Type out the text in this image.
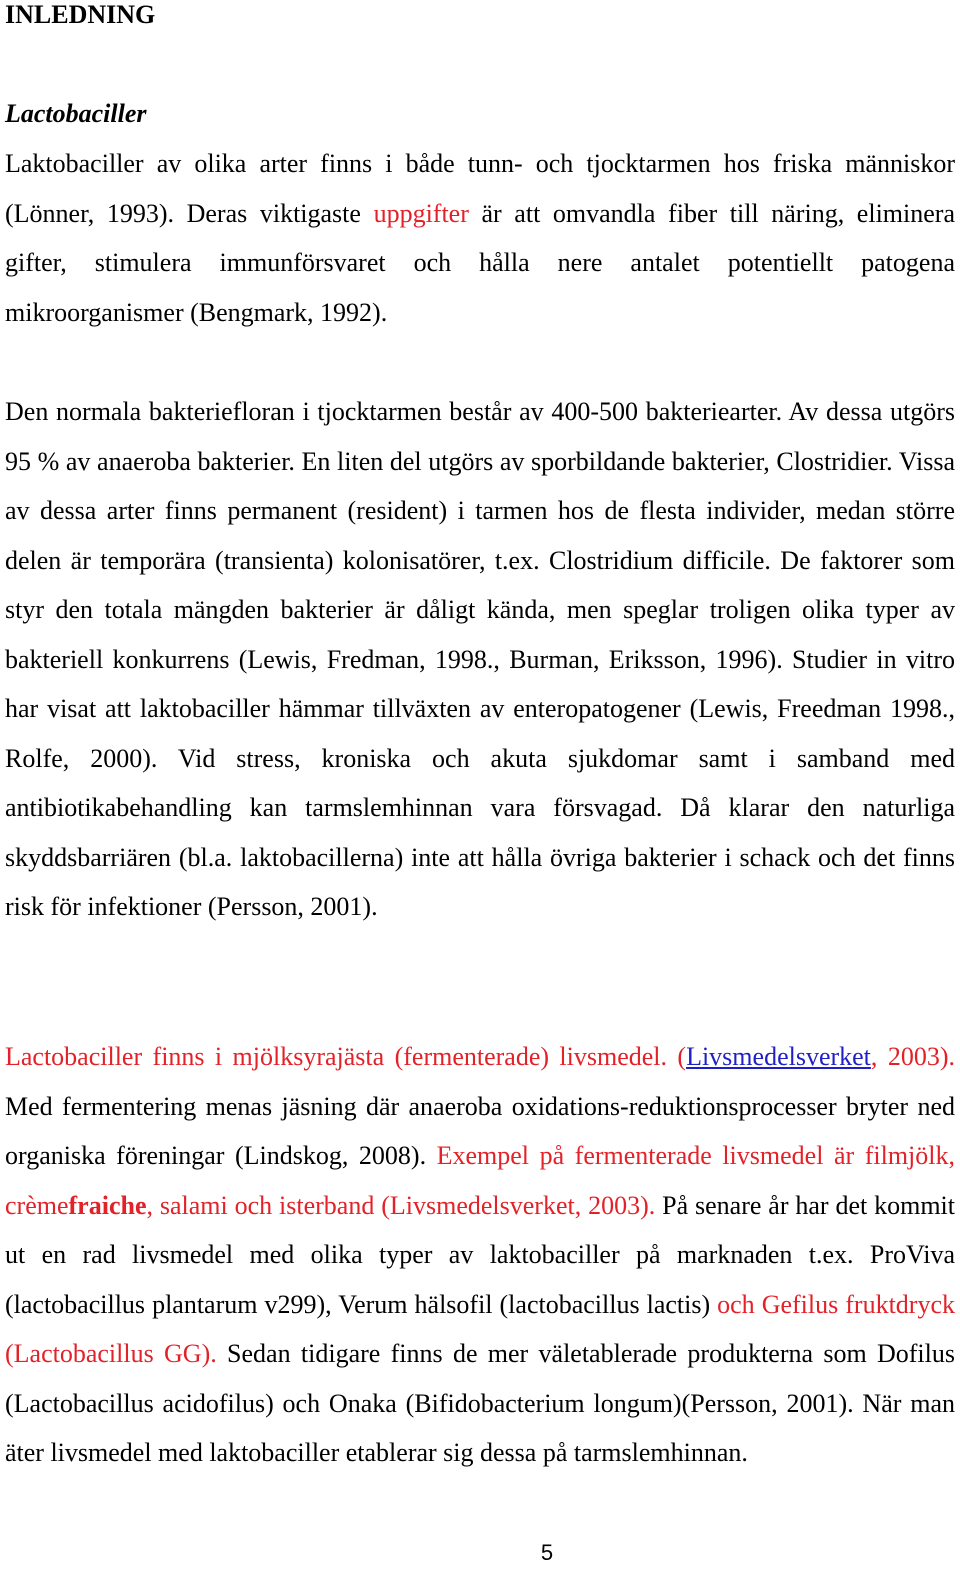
INLEDNING
Lactobaciller

Laktobaciller av olika arter finns i både tunn- och tjocktarmen hos friska människor (Lönner, 1993). Deras viktigaste uppgifter är att omvandla fiber till näring, eliminera gifter, stimulera immunförsvaret och hålla nere antalet potentiellt patogena mikroorganismer (Bengmark, 1992).

Den normala bakteriefloran i tjocktarmen består av 400-500 bakteriearter. Av dessa utgörs 95 % av anaeroba bakterier. En liten del utgörs av sporbildande bakterier, Clostridier. Vissa av dessa arter finns permanent (resident) i tarmen hos de flesta individer, medan större delen är temporära (transienta) kolonisatörer, t.ex. Clostridium difficile. De faktorer som styr den totala mängden bakterier är dåligt kända, men speglar troligen olika typer av bakteriell konkurrens (Lewis, Fredman, 1998., Burman, Eriksson, 1996). Studier in vitro har visat att laktobaciller hämmar tillväxten av enteropatogener (Lewis, Freedman 1998., Rolfe, 2000). Vid stress, kroniska och akuta sjukdomar samt i samband med antibiotikabehandling kan tarmslemhinnan vara försvagad. Då klarar den naturliga skyddsbarriären (bl.a. laktobacillerna) inte att hålla övriga bakterier i schack och det finns risk för infektioner (Persson, 2001).

Lactobaciller finns i mjölksyrajästa (fermenterade) livsmedel. (Livsmedelsverket, 2003). Med fermentering menas jäsning där anaeroba oxidations-reduktionsprocesser bryter ned organiska föreningar (Lindskog, 2008). Exempel på fermenterade livsmedel är filmjölk, crèmefraiche, salami och isterband (Livsmedelsverket, 2003). På senare år har det kommit ut en rad livsmedel med olika typer av laktobaciller på marknaden t.ex. ProViva (lactobacillus plantarum v299), Verum hälsofil (lactobacillus lactis) och Gefilus fruktdryck (Lactobacillus GG). Sedan tidigare finns de mer väletablerade produkterna som Dofilus (Lactobacillus acidofilus) och Onaka (Bifidobacterium longum)(Persson, 2001). När man äter livsmedel med laktobaciller etablerar sig dessa på tarmslemhinnan.

5
